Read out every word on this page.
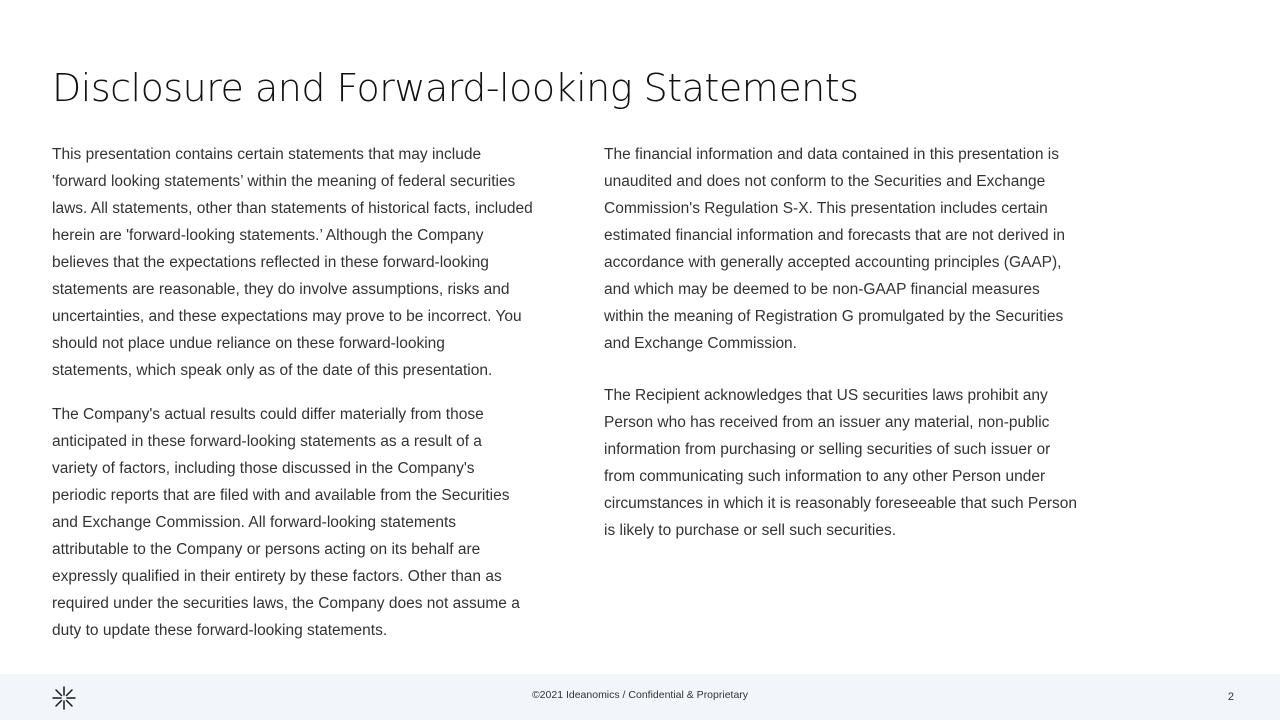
Disclosure and Forward-looking Statements

This presentation contains certain statements that may include
'forward looking statements’ within the meaning of federal securities
laws. All statements, other than statements of historical facts, included
herein are 'forward-looking statements.’ Although the Company
believes that the expectations reflected in these forward-looking
statements are reasonable, they do involve assumptions, risks and
uncertainties, and these expectations may prove to be incorrect. You
should not place undue reliance on these forward-looking
statements, which speak only as of the date of this presentation.

The Company's actual results could differ materially from those
anticipated in these forward-looking statements as a result of a
variety of factors, including those discussed in the Company's
periodic reports that are filed with and available from the Securities
and Exchange Commission. All forward-looking statements
attributable to the Company or persons acting on its behalf are
expressly qualified in their entirety by these factors. Other than as
required under the securities laws, the Company does not assume a
duty to update these forward-looking statements.

The financial information and data contained in this presentation is
unaudited and does not conform to the Securities and Exchange
Commission's Regulation S-X. This presentation includes certain
estimated financial information and forecasts that are not derived in
accordance with generally accepted accounting principles (GAAP),
and which may be deemed to be non-GAAP financial measures
within the meaning of Registration G promulgated by the Securities
and Exchange Commission.

The Recipient acknowledges that US securities laws prohibit any
Person who has received from an issuer any material, non-public
information from purchasing or selling securities of such issuer or
from communicating such information to any other Person under
circumstances in which it is reasonably foreseeable that such Person
is likely to purchase or sell such securities.

©2021 Ideanomics / Confidential & Proprietary	2
